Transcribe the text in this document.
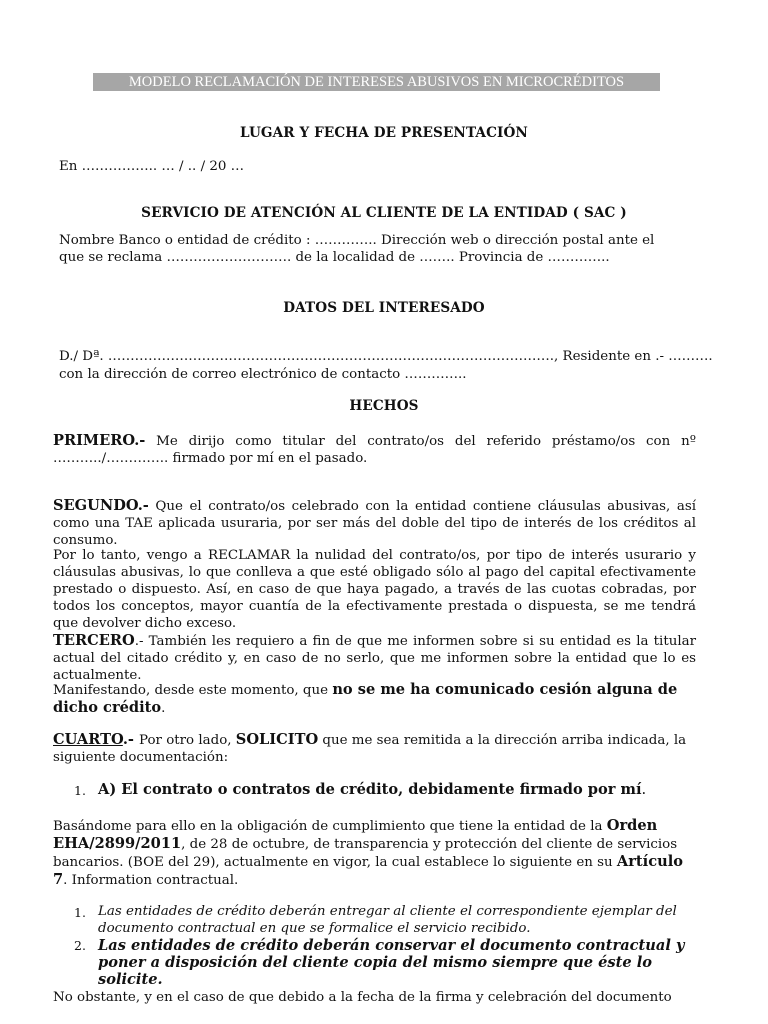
MODELO RECLAMACIÓN DE INTERESES ABUSIVOS EN MICROCRÉDITOS
LUGAR Y FECHA DE PRESENTACIÓN
En …………….. … / .. / 20 …
SERVICIO DE ATENCIÓN AL CLIENTE DE LA ENTIDAD ( SAC )
Nombre Banco o entidad de crédito : ………….. Dirección web o dirección postal ante el que se reclama ………………………. de la localidad de …….. Provincia de …………..
DATOS DEL INTERESADO
D./ Dª. ………………………………………………………………………………………., Residente en .- ……….
con la dirección de correo electrónico de contacto …………..
HECHOS
PRIMERO.- Me dirijo como titular del contrato/os del referido préstamo/os con nº ………../………….. firmado por mí en el pasado.
SEGUNDO.- Que el contrato/os celebrado con la entidad contiene cláusulas abusivas, así como una TAE aplicada usuraria, por ser más del doble del tipo de interés de los créditos al consumo.
Por lo tanto, vengo a RECLAMAR la nulidad del contrato/os, por tipo de interés usurario y cláusulas abusivas, lo que conlleva a que esté obligado sólo al pago del capital efectivamente prestado o dispuesto. Así, en caso de que haya pagado, a través de las cuotas cobradas, por todos los conceptos, mayor cuantía de la efectivamente prestada o dispuesta, se me tendrá que devolver dicho exceso.
TERCERO.- También les requiero a fin de que me informen sobre si su entidad es la titular actual del citado crédito y, en caso de no serlo, que me informen sobre la entidad que lo es actualmente.
Manifestando, desde este momento, que no se me ha comunicado cesión alguna de dicho crédito.
CUARTO.- Por otro lado, SOLICITO que me sea remitida a la dirección arriba indicada, la siguiente documentación:
1. A) El contrato o contratos de crédito, debidamente firmado por mí.
Basándome para ello en la obligación de cumplimiento que tiene la entidad de la Orden EHA/2899/2011, de 28 de octubre, de transparencia y protección del cliente de servicios bancarios. (BOE del 29), actualmente en vigor, la cual establece lo siguiente en su Artículo 7. Information contractual.
1. Las entidades de crédito deberán entregar al cliente el correspondiente ejemplar del documento contractual en que se formalice el servicio recibido.
2. Las entidades de crédito deberán conservar el documento contractual y poner a disposición del cliente copia del mismo siempre que éste lo solicite.
No obstante, y en el caso de que debido a la fecha de la firma y celebración del documento
